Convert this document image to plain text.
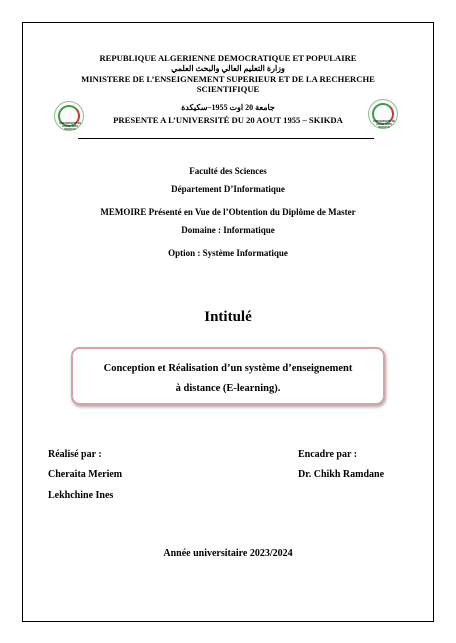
REPUBLIQUE ALGERIENNE DEMOCRATIQUE ET POPULAIRE
وزارة التعليم العالي والبحث العلمي
MINISTERE DE L’ENSEIGNEMENT SUPERIEUR ET DE LA RECHERCHE
SCIENTIFIQUE
جامعة 20 اوت 1955–سكيكدة
PRESENTE A L’UNIVERSITÉ DU 20 AOUT 1955 – SKIKDA
UNIVERSITÉ 20 AOÛT 1955 SKIKDA
UNIVERSITÉ 20 AOÛT 1955 SKIKDA
Faculté des Sciences
Département D’Informatique
MEMOIRE Présenté en Vue de l’Obtention du Diplôme de Master
Domaine : Informatique
Option : Système Informatique
Intitulé
Conception et Réalisation d’un système d’enseignement
à distance (E-learning).
Réalisé par :
Cheraita Meriem
Lekhchine Ines
Encadre par :
Dr. Chikh Ramdane
Année universitaire 2023/2024
